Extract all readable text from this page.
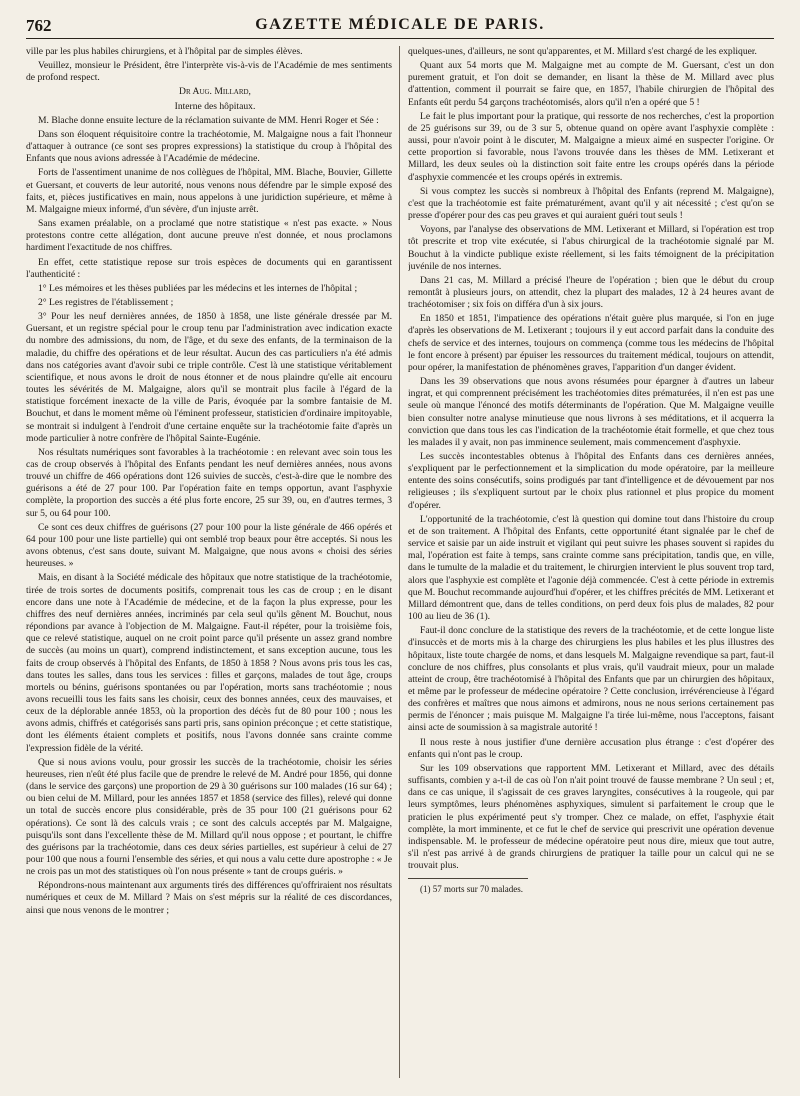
762	GAZETTE MÉDICALE DE PARIS.

ville par les plus habiles chirurgiens, et à l'hôpital par de simples élèves.

Veuillez, monsieur le Président, être l'interprète vis-à-vis de l'Académie de mes sentiments de profond respect.

Dr Aug. Millard,

Interne des hôpitaux.

M. Blache donne ensuite lecture de la réclamation suivante de MM. Henri Roger et Sée :

Dans son éloquent réquisitoire contre la trachéotomie, M. Malgaigne nous a fait l'honneur d'attaquer à outrance (ce sont ses propres expressions) la statistique du croup à l'hôpital des Enfants que nous avions adressée à l'Académie de médecine.

Forts de l'assentiment unanime de nos collègues de l'hôpital, MM. Blache, Bouvier, Gillette et Guersant, et couverts de leur autorité, nous venons nous défendre par le simple exposé des faits, et, pièces justificatives en main, nous appelons à une juridiction supérieure, et même à M. Malgaigne mieux informé, d'un sévère, d'un injuste arrêt.

Sans examen préalable, on a proclamé que notre statistique « n'est pas exacte. » Nous protestons contre cette allégation, dont aucune preuve n'est donnée, et nous proclamons hardiment l'exactitude de nos chiffres.

En effet, cette statistique repose sur trois espèces de documents qui en garantissent l'authenticité :

1° Les mémoires et les thèses publiées par les médecins et les internes de l'hôpital ;

2° Les registres de l'établissement ;

3° Pour les neuf dernières années, de 1850 à 1858, une liste générale dressée par M. Guersant, et un registre spécial pour le croup tenu par l'administration avec indication exacte du nombre des admissions, du nom, de l'âge, et du sexe des enfants, de la terminaison de la maladie, du chiffre des opérations et de leur résultat. Aucun des cas particuliers n'a été admis dans nos catégories avant d'avoir subi ce triple contrôle. C'est là une statistique véritablement scientifique, et nous avons le droit de nous étonner et de nous plaindre qu'elle ait encouru toutes les sévérités de M. Malgaigne, alors qu'il se montrait plus facile à l'égard de la statistique forcément inexacte de la ville de Paris, évoquée par la sombre fantaisie de M. Bouchut, et dans le moment même où l'éminent professeur, statisticien d'ordinaire impitoyable, se montrait si indulgent à l'endroit d'une certaine enquête sur la trachéotomie faite d'après un mode particulier à notre confrère de l'hôpital Sainte-Eugénie.

Nos résultats numériques sont favorables à la trachéotomie : en relevant avec soin tous les cas de croup observés à l'hôpital des Enfants pendant les neuf dernières années, nous avons trouvé un chiffre de 466 opérations dont 126 suivies de succès, c'est-à-dire que le nombre des guérisons a été de 27 pour 100. Par l'opération faite en temps opportun, avant l'asphyxie complète, la proportion des succès a été plus forte encore, 25 sur 39, ou, en d'autres termes, 3 sur 5, ou 64 pour 100.

Ce sont ces deux chiffres de guérisons (27 pour 100 pour la liste générale de 466 opérés et 64 pour 100 pour une liste partielle) qui ont semblé trop beaux pour être acceptés. Si nous les avons obtenus, c'est sans doute, suivant M. Malgaigne, que nous avons « choisi des séries heureuses. »

Mais, en disant à la Société médicale des hôpitaux que notre statistique de la trachéotomie, tirée de trois sortes de documents positifs, comprenait tous les cas de croup ; en le disant encore dans une note à l'Académie de médecine, et de la façon la plus expresse, pour les chiffres des neuf dernières années, incriminés par cela seul qu'ils gênent M. Bouchut, nous répondions par avance à l'objection de M. Malgaigne. Faut-il répéter, pour la troisième fois, que ce relevé statistique, auquel on ne croit point parce qu'il présente un assez grand nombre de succès (au moins un quart), comprend indistinctement, et sans exception aucune, tous les faits de croup observés à l'hôpital des Enfants, de 1850 à 1858 ? Nous avons pris tous les cas, dans toutes les salles, dans tous les services : filles et garçons, malades de tout âge, croups mortels ou bénins, guérisons spontanées ou par l'opération, morts sans trachéotomie ; nous avons recueilli tous les faits sans les choisir, ceux des bonnes années, ceux des mauvaises, et ceux de la déplorable année 1853, où la proportion des décès fut de 80 pour 100 ; nous les avons admis, chiffrés et catégorisés sans parti pris, sans opinion préconçue ; et cette statistique, dont les éléments étaient complets et positifs, nous l'avons donnée sans crainte comme l'expression fidèle de la vérité.

Que si nous avions voulu, pour grossir les succès de la trachéotomie, choisir les séries heureuses, rien n'eût été plus facile que de prendre le relevé de M. André pour 1856, qui donne (dans le service des garçons) une proportion de 29 à 30 guérisons sur 100 malades (16 sur 64) ; ou bien celui de M. Millard, pour les années 1857 et 1858 (service des filles), relevé qui donne un total de succès encore plus considérable, près de 35 pour 100 (21 guérisons pour 62 opérations). Ce sont là des calculs vrais ; ce sont des calculs acceptés par M. Malgaigne, puisqu'ils sont dans l'excellente thèse de M. Millard qu'il nous oppose ; et pourtant, le chiffre des guérisons par la trachéotomie, dans ces deux séries partielles, est supérieur à celui de 27 pour 100 que nous a fourni l'ensemble des séries, et qui nous a valu cette dure apostrophe : « Je ne crois pas un mot des statistiques où l'on nous présente » tant de croups guéris. »

Répondrons-nous maintenant aux arguments tirés des différences qu'offriraient nos résultats numériques et ceux de M. Millard ? Mais on s'est mépris sur la réalité de ces discordances, ainsi que nous venons de le montrer ;

quelques-unes, d'ailleurs, ne sont qu'apparentes, et M. Millard s'est chargé de les expliquer.

Quant aux 54 morts que M. Malgaigne met au compte de M. Guersant, c'est un don purement gratuit, et l'on doit se demander, en lisant la thèse de M. Millard avec plus d'attention, comment il pourrait se faire que, en 1857, l'habile chirurgien de l'hôpital des Enfants eût perdu 54 garçons trachéotomisés, alors qu'il n'en a opéré que 5 !

Le fait le plus important pour la pratique, qui ressorte de nos recherches, c'est la proportion de 25 guérisons sur 39, ou de 3 sur 5, obtenue quand on opère avant l'asphyxie complète : aussi, pour n'avoir point à le discuter, M. Malgaigne a mieux aimé en suspecter l'origine. Or cette proportion si favorable, nous l'avons trouvée dans les thèses de MM. Letixerant et Millard, les deux seules où la distinction soit faite entre les croups opérés dans la période d'asphyxie commencée et les croups opérés in extremis.

Si vous comptez les succès si nombreux à l'hôpital des Enfants (reprend M. Malgaigne), c'est que la trachéotomie est faite prématurément, avant qu'il y ait nécessité ; c'est qu'on se presse d'opérer pour des cas peu graves et qui auraient guéri tout seuls !

Voyons, par l'analyse des observations de MM. Letixerant et Millard, si l'opération est trop tôt prescrite et trop vite exécutée, si l'abus chirurgical de la trachéotomie signalé par M. Bouchut à la vindicte publique existe réellement, si les faits témoignent de la précipitation juvénile de nos internes.

Dans 21 cas, M. Millard a précisé l'heure de l'opération ; bien que le début du croup remontât à plusieurs jours, on attendit, chez la plupart des malades, 12 à 24 heures avant de trachéotomiser ; six fois on différa d'un à six jours.

En 1850 et 1851, l'impatience des opérations n'était guère plus marquée, si l'on en juge d'après les observations de M. Letixerant ; toujours il y eut accord parfait dans la conduite des chefs de service et des internes, toujours on commença (comme tous les médecins de l'hôpital le font encore à présent) par épuiser les ressources du traitement médical, toujours on attendit, pour opérer, la manifestation de phénomènes graves, l'apparition d'un danger évident.

Dans les 39 observations que nous avons résumées pour épargner à d'autres un labeur ingrat, et qui comprennent précisément les trachéotomies dites prématurées, il n'en est pas une seule où manque l'énoncé des motifs déterminants de l'opération. Que M. Malgaigne veuille bien consulter notre analyse minutieuse que nous livrons à ses méditations, et il acquerra la conviction que dans tous les cas l'indication de la trachéotomie était formelle, et que chez tous les malades il y avait, non pas imminence seulement, mais commencement d'asphyxie.

Les succès incontestables obtenus à l'hôpital des Enfants dans ces dernières années, s'expliquent par le perfectionnement et la simplication du mode opératoire, par la meilleure entente des soins consécutifs, soins prodigués par tant d'intelligence et de dévouement par nos religieuses ; ils s'expliquent surtout par le choix plus rationnel et plus propice du moment d'opérer.

L'opportunité de la trachéotomie, c'est là question qui domine tout dans l'histoire du croup et de son traitement. A l'hôpital des Enfants, cette opportunité étant signalée par le chef de service et saisie par un aide instruit et vigilant qui peut suivre les phases souvent si rapides du mal, l'opération est faite à temps, sans crainte comme sans précipitation, tandis que, en ville, dans le tumulte de la maladie et du traitement, le chirurgien intervient le plus souvent trop tard, alors que l'asphyxie est complète et l'agonie déjà commencée. C'est à cette période in extremis que M. Bouchut recommande aujourd'hui d'opérer, et les chiffres précités de MM. Letixerant et Millard démontrent que, dans de telles conditions, on perd deux fois plus de malades, 82 pour 100 au lieu de 36 (1).

Faut-il donc conclure de la statistique des revers de la trachéotomie, et de cette longue liste d'insuccès et de morts mis à la charge des chirurgiens les plus habiles et les plus illustres des hôpitaux, liste toute chargée de noms, et dans lesquels M. Malgaigne revendique sa part, faut-il conclure de nos chiffres, plus consolants et plus vrais, qu'il vaudrait mieux, pour un malade atteint de croup, être trachéotomisé à l'hôpital des Enfants que par un chirurgien des hôpitaux, et même par le professeur de médecine opératoire ? Cette conclusion, irrévérencieuse à l'égard des confrères et maîtres que nous aimons et admirons, nous ne nous serions certainement pas permis de l'énoncer ; mais puisque M. Malgaigne l'a tirée lui-même, nous l'acceptons, faisant ainsi acte de soumission à sa magistrale autorité !

Il nous reste à nous justifier d'une dernière accusation plus étrange : c'est d'opérer des enfants qui n'ont pas le croup.

Sur les 109 observations que rapportent MM. Letixerant et Millard, avec des détails suffisants, combien y a-t-il de cas où l'on n'ait point trouvé de fausse membrane ? Un seul ; et, dans ce cas unique, il s'agissait de ces graves laryngites, consécutives à la rougeole, qui par leurs symptômes, leurs phénomènes asphyxiques, simulent si parfaitement le croup que le praticien le plus expérimenté peut s'y tromper. Chez ce malade, on effet, l'asphyxie était complète, la mort imminente, et ce fut le chef de service qui prescrivit une opération devenue indispensable. M. le professeur de médecine opératoire peut nous dire, mieux que tout autre, s'il n'est pas arrivé à de grands chirurgiens de pratiquer la taille pour un calcul qui ne se trouvait plus.

(1) 57 morts sur 70 malades.
